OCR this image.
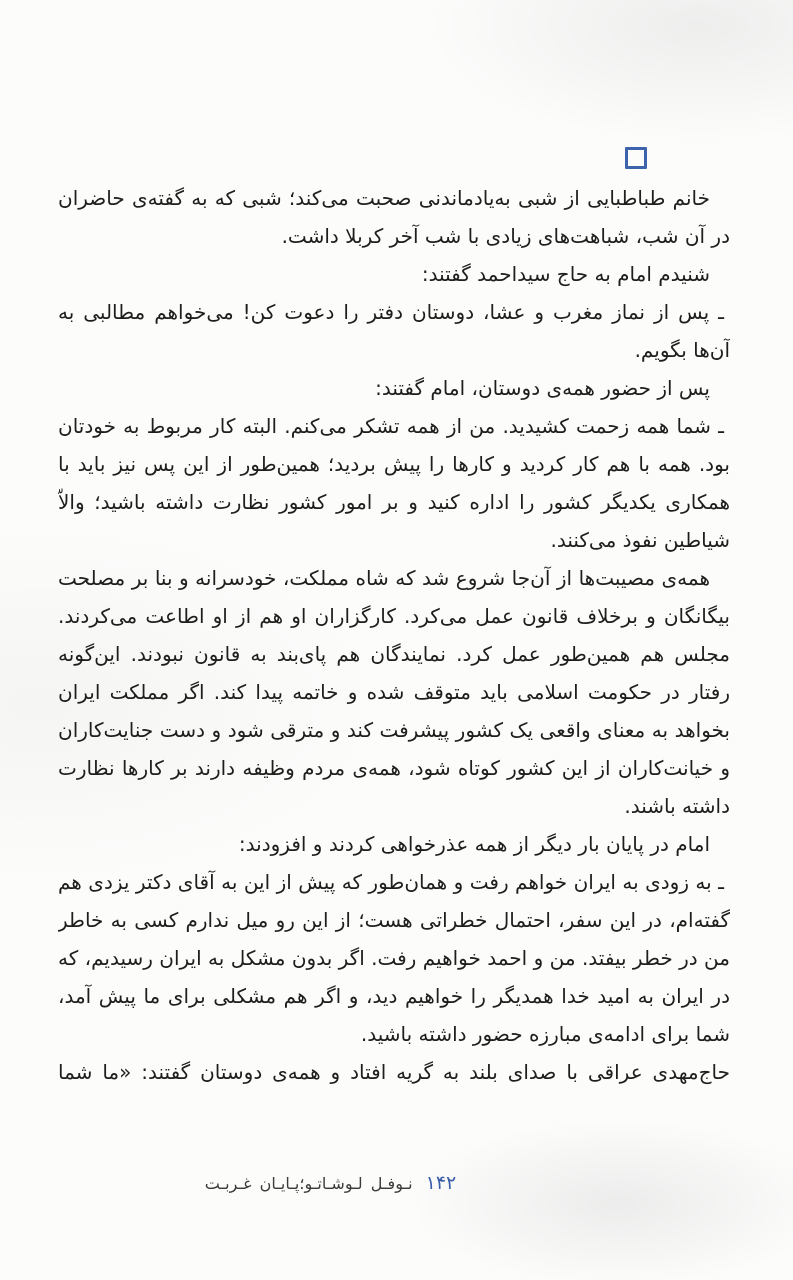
خانم طباطبایی از شبی به‌یادماندنی صحبت می‌کند؛ شبی که به گفته‌ی حاضران در آن شب، شباهت‌های زیادی با شب آخر کربلا داشت.

شنیدم امام به حاج سیداحمد گفتند:

ـ پس از نماز مغرب و عشا، دوستان دفتر را دعوت کن! می‌خواهم مطالبی به آن‌ها بگویم.

پس از حضور همه‌ی دوستان، امام گفتند:

ـ شما همه زحمت کشیدید. من از همه تشکر می‌کنم. البته کار مربوط به خودتان بود. همه با هم کار کردید و کارها را پیش بردید؛ همین‌طور از این پس نیز باید با همکاری یکدیگر کشور را اداره کنید و بر امور کشور نظارت داشته باشید؛ والاّ شیاطین نفوذ می‌کنند.

همه‌ی مصیبت‌ها از آن‌جا شروع شد که شاه مملکت، خودسرانه و بنا بر مصلحت بیگانگان و برخلاف قانون عمل می‌کرد. کارگزاران او هم از او اطاعت می‌کردند. مجلس هم همین‌طور عمل کرد. نمایندگان هم پای‌بند به قانون نبودند. این‌گونه رفتار در حکومت اسلامی باید متوقف شده و خاتمه پیدا کند. اگر مملکت ایران بخواهد به معنای واقعی یک کشور پیشرفت کند و مترقی شود و دست جنایت‌کاران و خیانت‌کاران از این کشور کوتاه شود، همه‌ی مردم وظیفه دارند بر کارها نظارت داشته باشند.

امام در پایان بار دیگر از همه عذرخواهی کردند و افزودند:

ـ به زودی به ایران خواهم رفت و همان‌طور که پیش از این به آقای دکتر یزدی هم گفته‌ام، در این سفر، احتمال خطراتی هست؛ از این رو میل ندارم کسی به خاطر من در خطر بیفتد. من و احمد خواهیم رفت. اگر بدون مشکل به ایران رسیدیم، که در ایران به امید خدا همدیگر را خواهیم دید، و اگر هم مشکلی برای ما پیش آمد، شما برای ادامه‌ی مبارزه حضور داشته باشید.

حاج‌مهدی عراقی با صدای بلند به گریه افتاد و همه‌ی دوستان گفتند: «ما شما

۱۴۲
نـوفـل لـوشـاتـو؛پـایـان غـربـت
